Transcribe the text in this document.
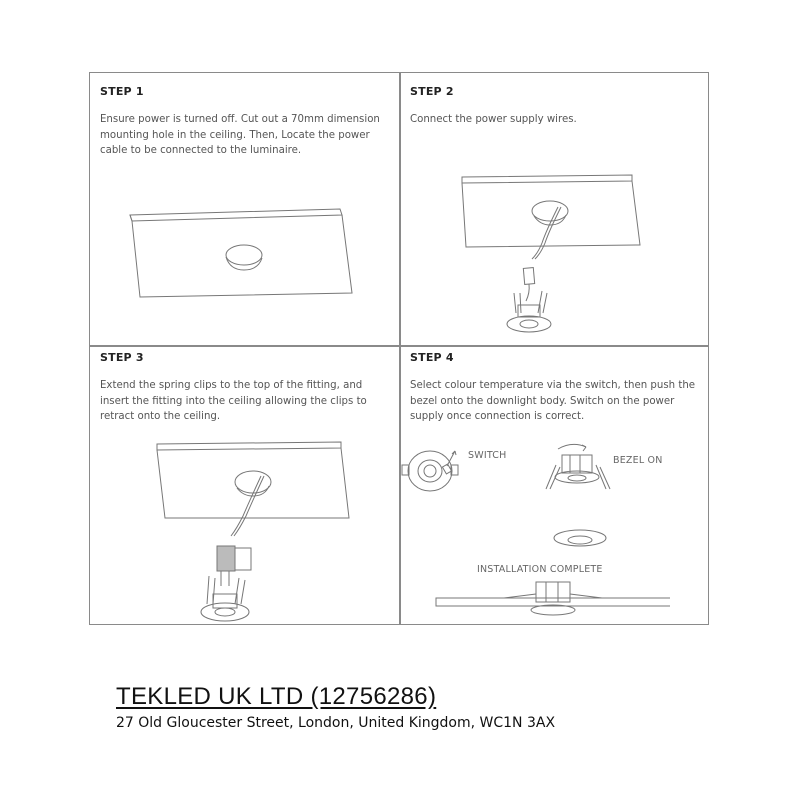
STEP 1
Ensure power is turned off. Cut out a 70mm dimension mounting hole in the ceiling. Then, Locate the power cable to be connected to the luminaire.
STEP 2
Connect the power supply wires.
STEP 3
Extend the spring clips to the top of the fitting, and insert the fitting into the ceiling allowing the clips to retract onto the ceiling.
STEP 4
Select colour temperature via the switch, then push the bezel onto the downlight body. Switch on the power supply once connection is correct.
SWITCH	BEZEL ON
INSTALLATION COMPLETE
TEKLED UK LTD (12756286)
27 Old Gloucester Street, London, United Kingdom, WC1N 3AX
